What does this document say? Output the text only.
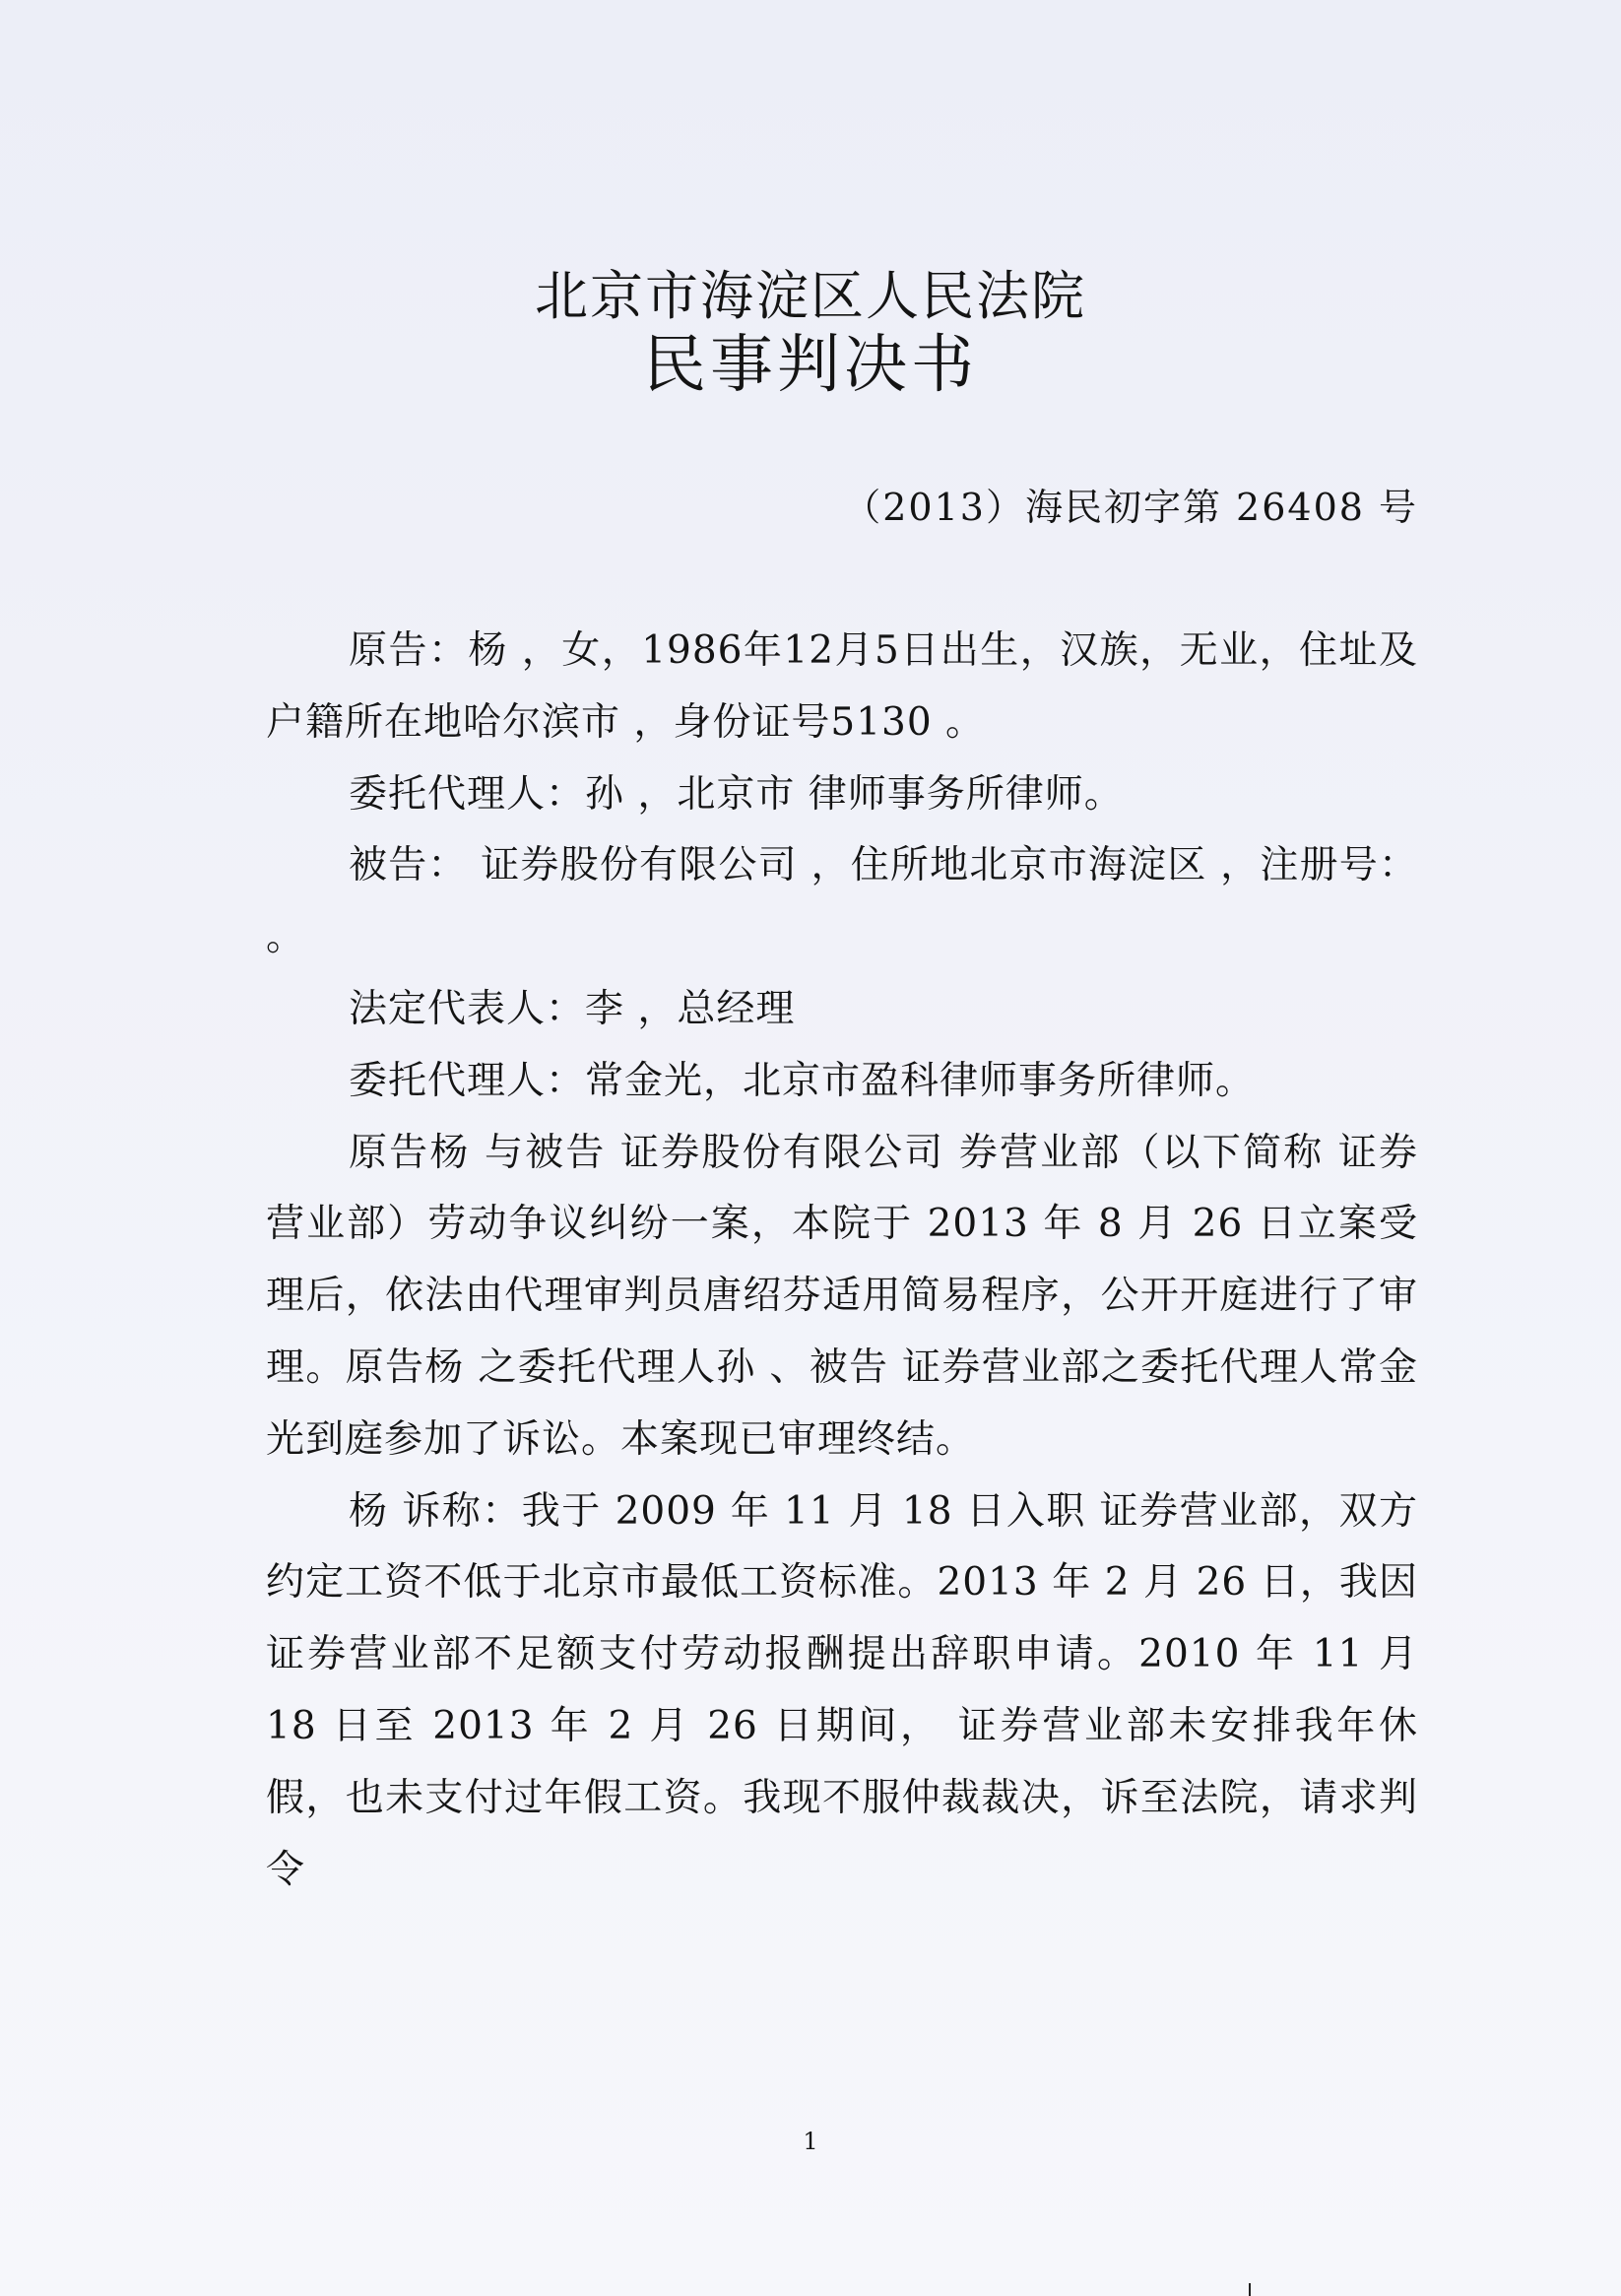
北京市海淀区人民法院
民事判决书
（2013）海民初字第 26408 号

原告：杨 ，女，1986年12月5日出生，汉族，无业，住址及户籍所在地哈尔滨市 ，身份证号5130 。

委托代理人：孙 ，北京市 律师事务所律师。

被告： 证券股份有限公司 ，住所地北京市海淀区 ，注册号： 。

法定代表人：李 ，总经理

委托代理人：常金光，北京市盈科律师事务所律师。

原告杨 与被告 证券股份有限公司 券营业部（以下简称 证券营业部）劳动争议纠纷一案，本院于 2013 年 8 月 26 日立案受理后，依法由代理审判员唐绍芬适用简易程序，公开开庭进行了审理。原告杨 之委托代理人孙 、被告 证券营业部之委托代理人常金光到庭参加了诉讼。本案现已审理终结。

杨 诉称：我于 2009 年 11 月 18 日入职 证券营业部，双方约定工资不低于北京市最低工资标准。2013 年 2 月 26 日，我因 证券营业部不足额支付劳动报酬提出辞职申请。2010 年 11 月 18 日至 2013 年 2 月 26 日期间， 证券营业部未安排我年休假，也未支付过年假工资。我现不服仲裁裁决，诉至法院，请求判令

1
